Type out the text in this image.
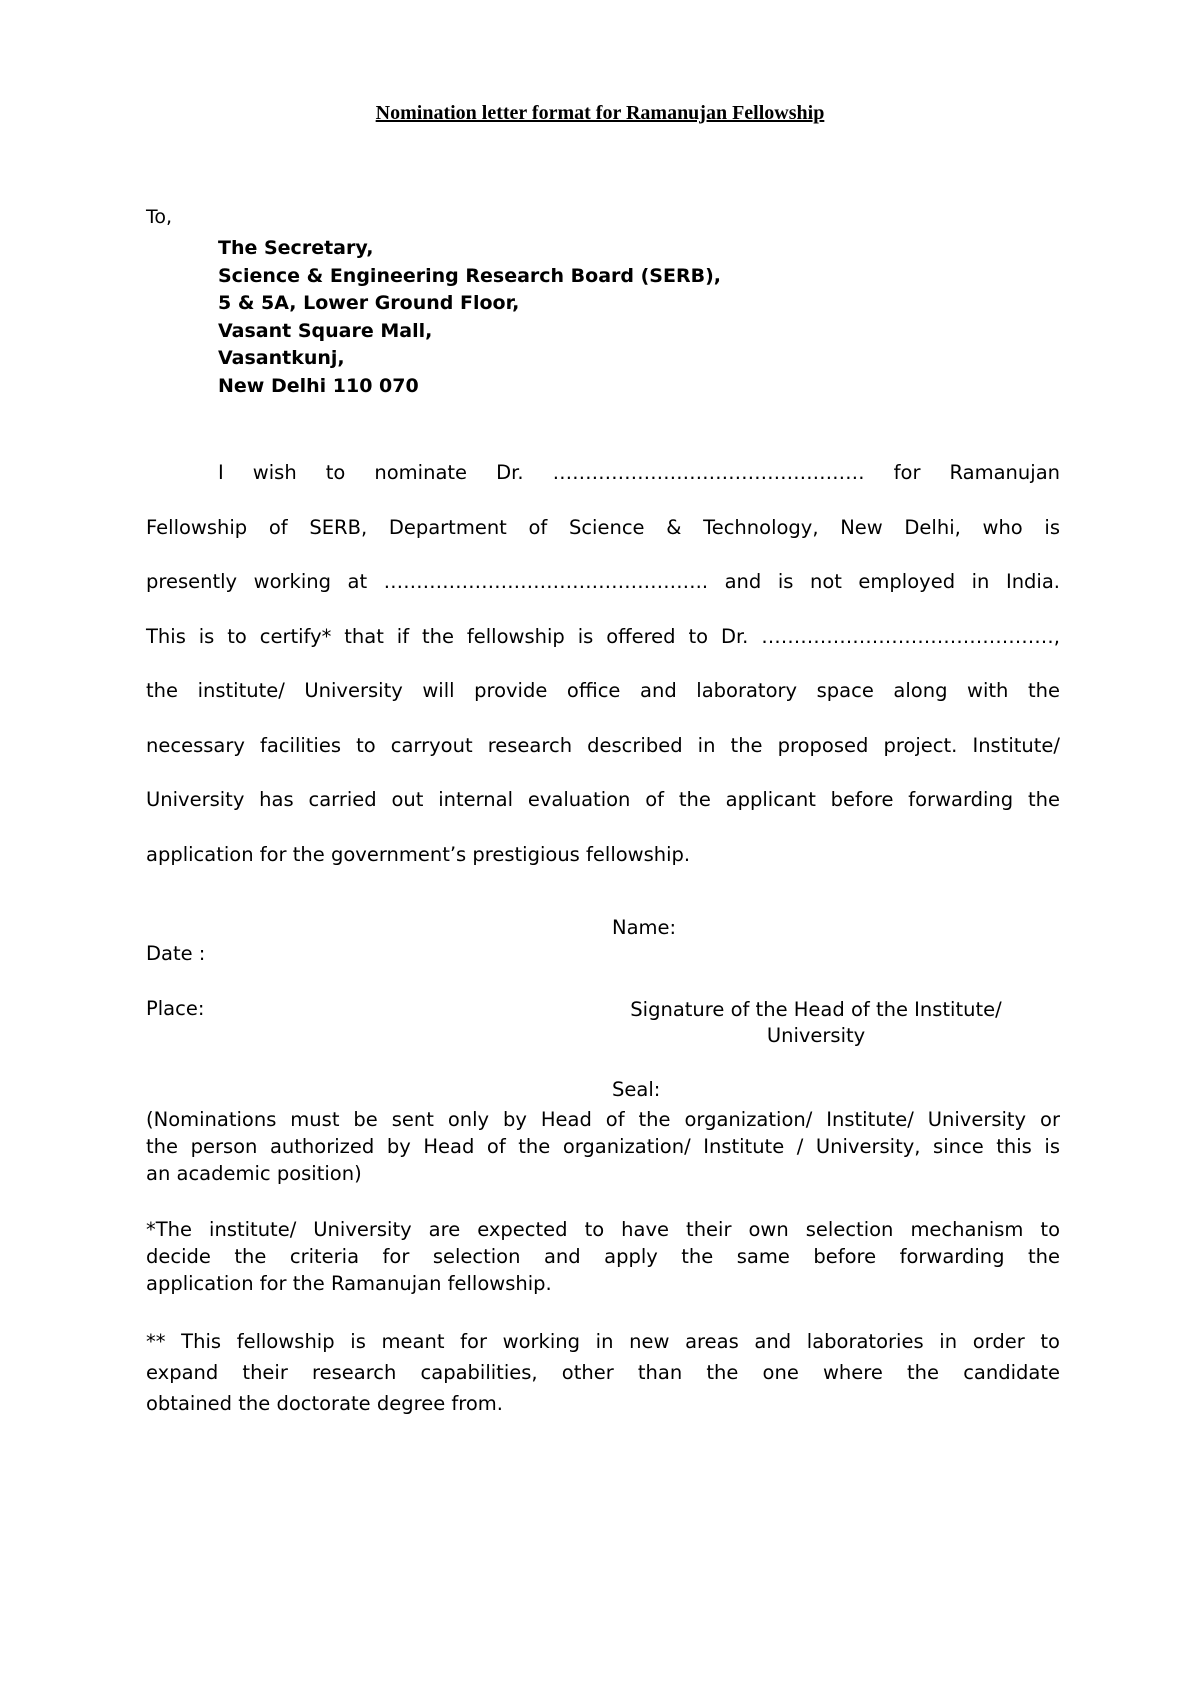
Nomination letter format for Ramanujan Fellowship
To,
The Secretary,
Science & Engineering Research Board (SERB),
5 & 5A, Lower Ground Floor,
Vasant Square Mall,
Vasantkunj,
New Delhi 110 070
I wish to nominate Dr. ………………………………………… for Ramanujan
Fellowship of SERB, Department of Science & Technology, New Delhi, who is
presently working at ………………………………………….. and is not employed in India.
This is to certify* that if the fellowship is offered to Dr. ………………………………………,
the institute/ University will provide office and laboratory space along with the
necessary facilities to carryout research described in the proposed project. Institute/
University has carried out internal evaluation of the applicant before forwarding the
application for the government’s prestigious fellowship.
Name:
Date :
Place:	Signature of the Head of the Institute/
University
Seal:

(Nominations must be sent only by Head of the organization/ Institute/ University or
the person authorized by Head of the organization/ Institute / University, since this is
an academic position)

*The institute/ University are expected to have their own selection mechanism to
decide the criteria for selection and apply the same before forwarding the
application for the Ramanujan fellowship.
** This fellowship is meant for working in new areas and laboratories in order to
expand their research capabilities, other than the one where the candidate
obtained the doctorate degree from.
